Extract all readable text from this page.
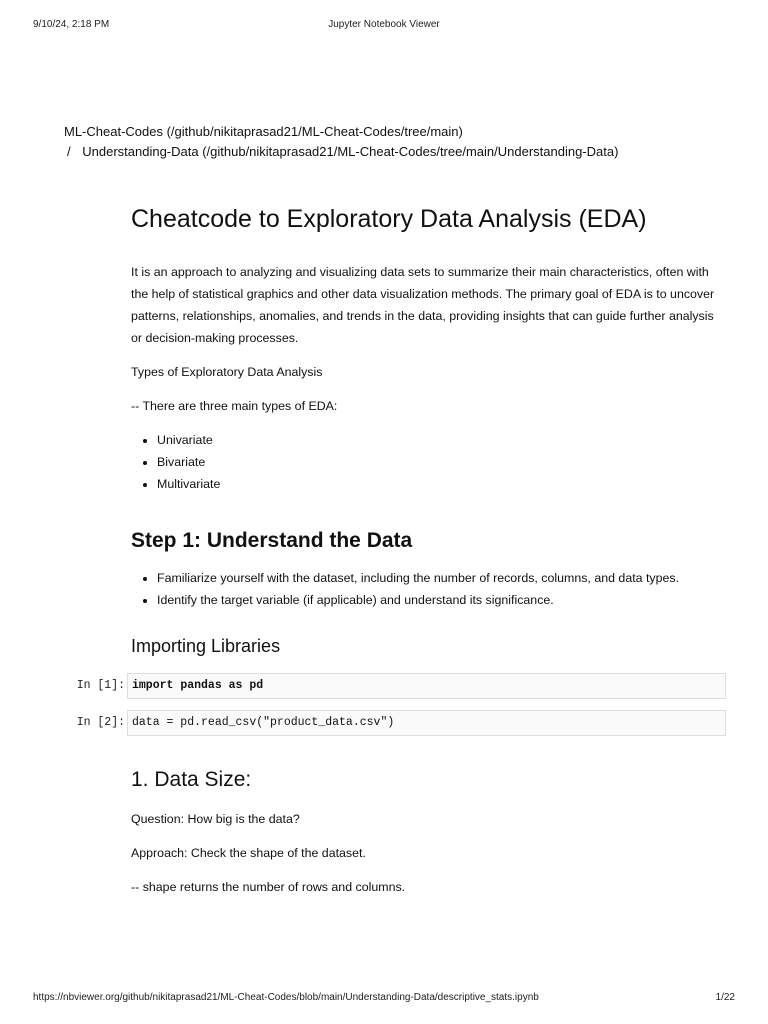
9/10/24, 2:18 PM	Jupyter Notebook Viewer
ML-Cheat-Codes (/github/nikitaprasad21/ML-Cheat-Codes/tree/main)
/ Understanding-Data (/github/nikitaprasad21/ML-Cheat-Codes/tree/main/Understanding-Data)
Cheatcode to Exploratory Data Analysis (EDA)

It is an approach to analyzing and visualizing data sets to summarize their main characteristics, often with the help of statistical graphics and other data visualization methods. The primary goal of EDA is to uncover patterns, relationships, anomalies, and trends in the data, providing insights that can guide further analysis or decision-making processes.

Types of Exploratory Data Analysis

-- There are three main types of EDA:

• Univariate
• Bivariate
• Multivariate
Step 1: Understand the Data
• Familiarize yourself with the dataset, including the number of records, columns, and data types.
• Identify the target variable (if applicable) and understand its significance.
Importing Libraries
In [1]: import pandas as pd
In [2]: data = pd.read_csv("product_data.csv")
1. Data Size:

Question: How big is the data?

Approach: Check the shape of the dataset.

-- shape returns the number of rows and columns.

https://nbviewer.org/github/nikitaprasad21/ML-Cheat-Codes/blob/main/Understanding-Data/descriptive_stats.ipynb	1/22
